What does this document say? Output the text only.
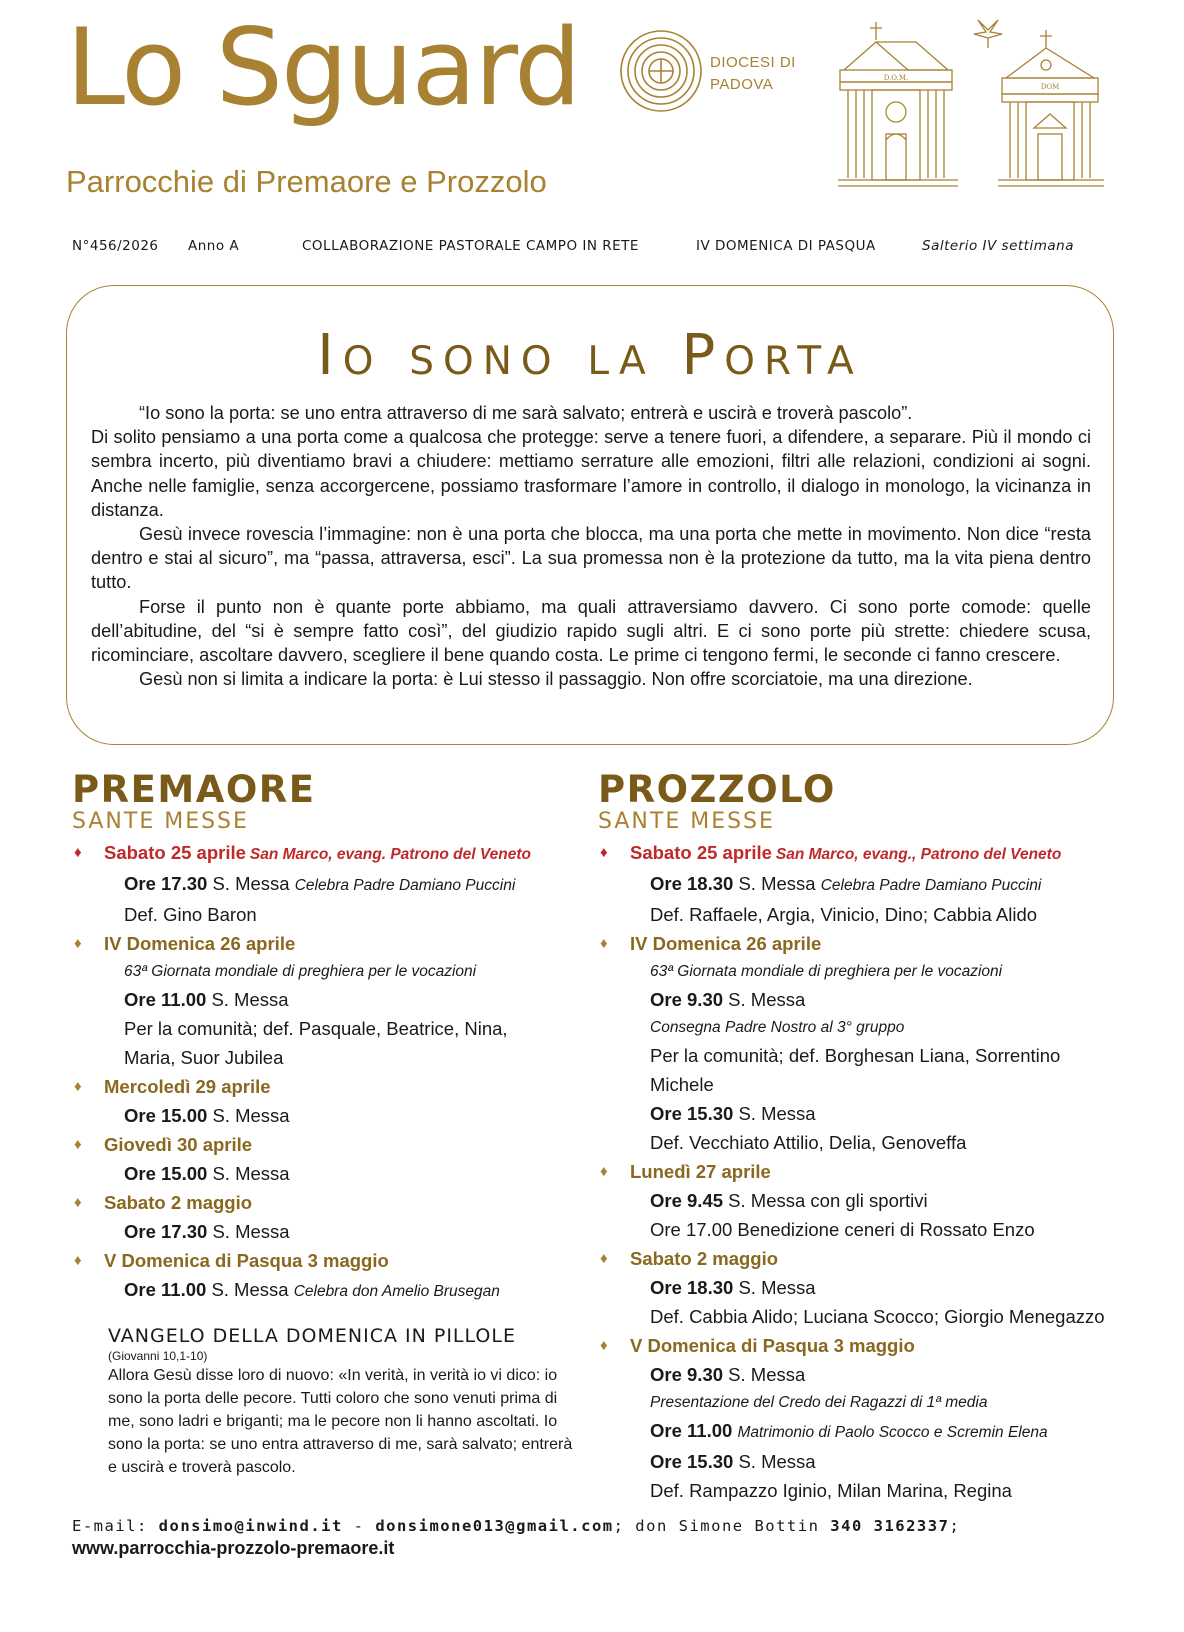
Lo Sguard	DIOCESI DI
PADOVA
Parrocchie di Premaore e Prozzolo
D.O.M.
DOM
N°456/2026 Anno A	COLLABORAZIONE PASTORALE CAMPO IN RETE	IV DOMENICA DI PASQUA	Salterio IV settimana
Io sono la Porta

“Io sono la porta: se uno entra attraverso di me sarà salvato; entrerà e uscirà e troverà pascolo”.

Di solito pensiamo a una porta come a qualcosa che protegge: serve a tenere fuori, a difendere, a separare. Più il mondo ci sembra incerto, più diventiamo bravi a chiudere: mettiamo serrature alle emozioni, filtri alle relazioni, condizioni ai sogni. Anche nelle famiglie, senza accorgercene, possiamo trasformare l’amore in controllo, il dialogo in monologo, la vicinanza in distanza.

Gesù invece rovescia l’immagine: non è una porta che blocca, ma una porta che mette in movimento. Non dice “resta dentro e stai al sicuro”, ma “passa, attraversa, esci”. La sua promessa non è la protezione da tutto, ma la vita piena dentro tutto.

Forse il punto non è quante porte abbiamo, ma quali attraversiamo davvero. Ci sono porte comode: quelle dell’abitudine, del “si è sempre fatto così”, del giudizio rapido sugli altri. E ci sono porte più strette: chiedere scusa, ricominciare, ascoltare davvero, scegliere il bene quando costa. Le prime ci tengono fermi, le seconde ci fanno crescere.

Gesù non si limita a indicare la porta: è Lui stesso il passaggio. Non offre scorciatoie, ma una direzione.

PREMAORE
SANTE MESSE
♦ Sabato 25 aprile San Marco, evang. Patrono del Veneto
Ore 17.30 S. Messa Celebra Padre Damiano Puccini
Def. Gino Baron
♦ IV Domenica 26 aprile
63ª Giornata mondiale di preghiera per le vocazioni
Ore 11.00 S. Messa
Per la comunità; def. Pasquale, Beatrice, Nina,
Maria, Suor Jubilea
♦ Mercoledì 29 aprile
Ore 15.00 S. Messa
♦ Giovedì 30 aprile
Ore 15.00 S. Messa
♦ Sabato 2 maggio
Ore 17.30 S. Messa
♦ V Domenica di Pasqua 3 maggio
Ore 11.00 S. Messa Celebra don Amelio Brusegan
VANGELO DELLA DOMENICA IN PILLOLE
(Giovanni 10,1-10)
Allora Gesù disse loro di nuovo: «In verità, in verità io vi dico: io sono la porta delle pecore. Tutti coloro che sono venuti prima di me, sono ladri e briganti; ma le pecore non li hanno ascoltati. Io sono la porta: se uno entra attraverso di me, sarà salvato; entrerà e uscirà e troverà pascolo.
PROZZOLO
SANTE MESSE
♦ Sabato 25 aprile San Marco, evang., Patrono del Veneto
Ore 18.30 S. Messa Celebra Padre Damiano Puccini
Def. Raffaele, Argia, Vinicio, Dino; Cabbia Alido
♦ IV Domenica 26 aprile
63ª Giornata mondiale di preghiera per le vocazioni
Ore 9.30 S. Messa
Consegna Padre Nostro al 3° gruppo
Per la comunità; def. Borghesan Liana, Sorrentino
Michele
Ore 15.30 S. Messa
Def. Vecchiato Attilio, Delia, Genoveffa
♦ Lunedì 27 aprile
Ore 9.45 S. Messa con gli sportivi
Ore 17.00 Benedizione ceneri di Rossato Enzo
♦ Sabato 2 maggio
Ore 18.30 S. Messa
Def. Cabbia Alido; Luciana Scocco; Giorgio Menegazzo
♦ V Domenica di Pasqua 3 maggio
Ore 9.30 S. Messa
Presentazione del Credo dei Ragazzi di 1ª media
Ore 11.00 Matrimonio di Paolo Scocco e Scremin Elena
Ore 15.30 S. Messa
Def. Rampazzo Iginio, Milan Marina, Regina
E-mail: donsimo@inwind.it - donsimone013@gmail.com; don Simone Bottin 340 3162337;
www.parrocchia-prozzolo-premaore.it
